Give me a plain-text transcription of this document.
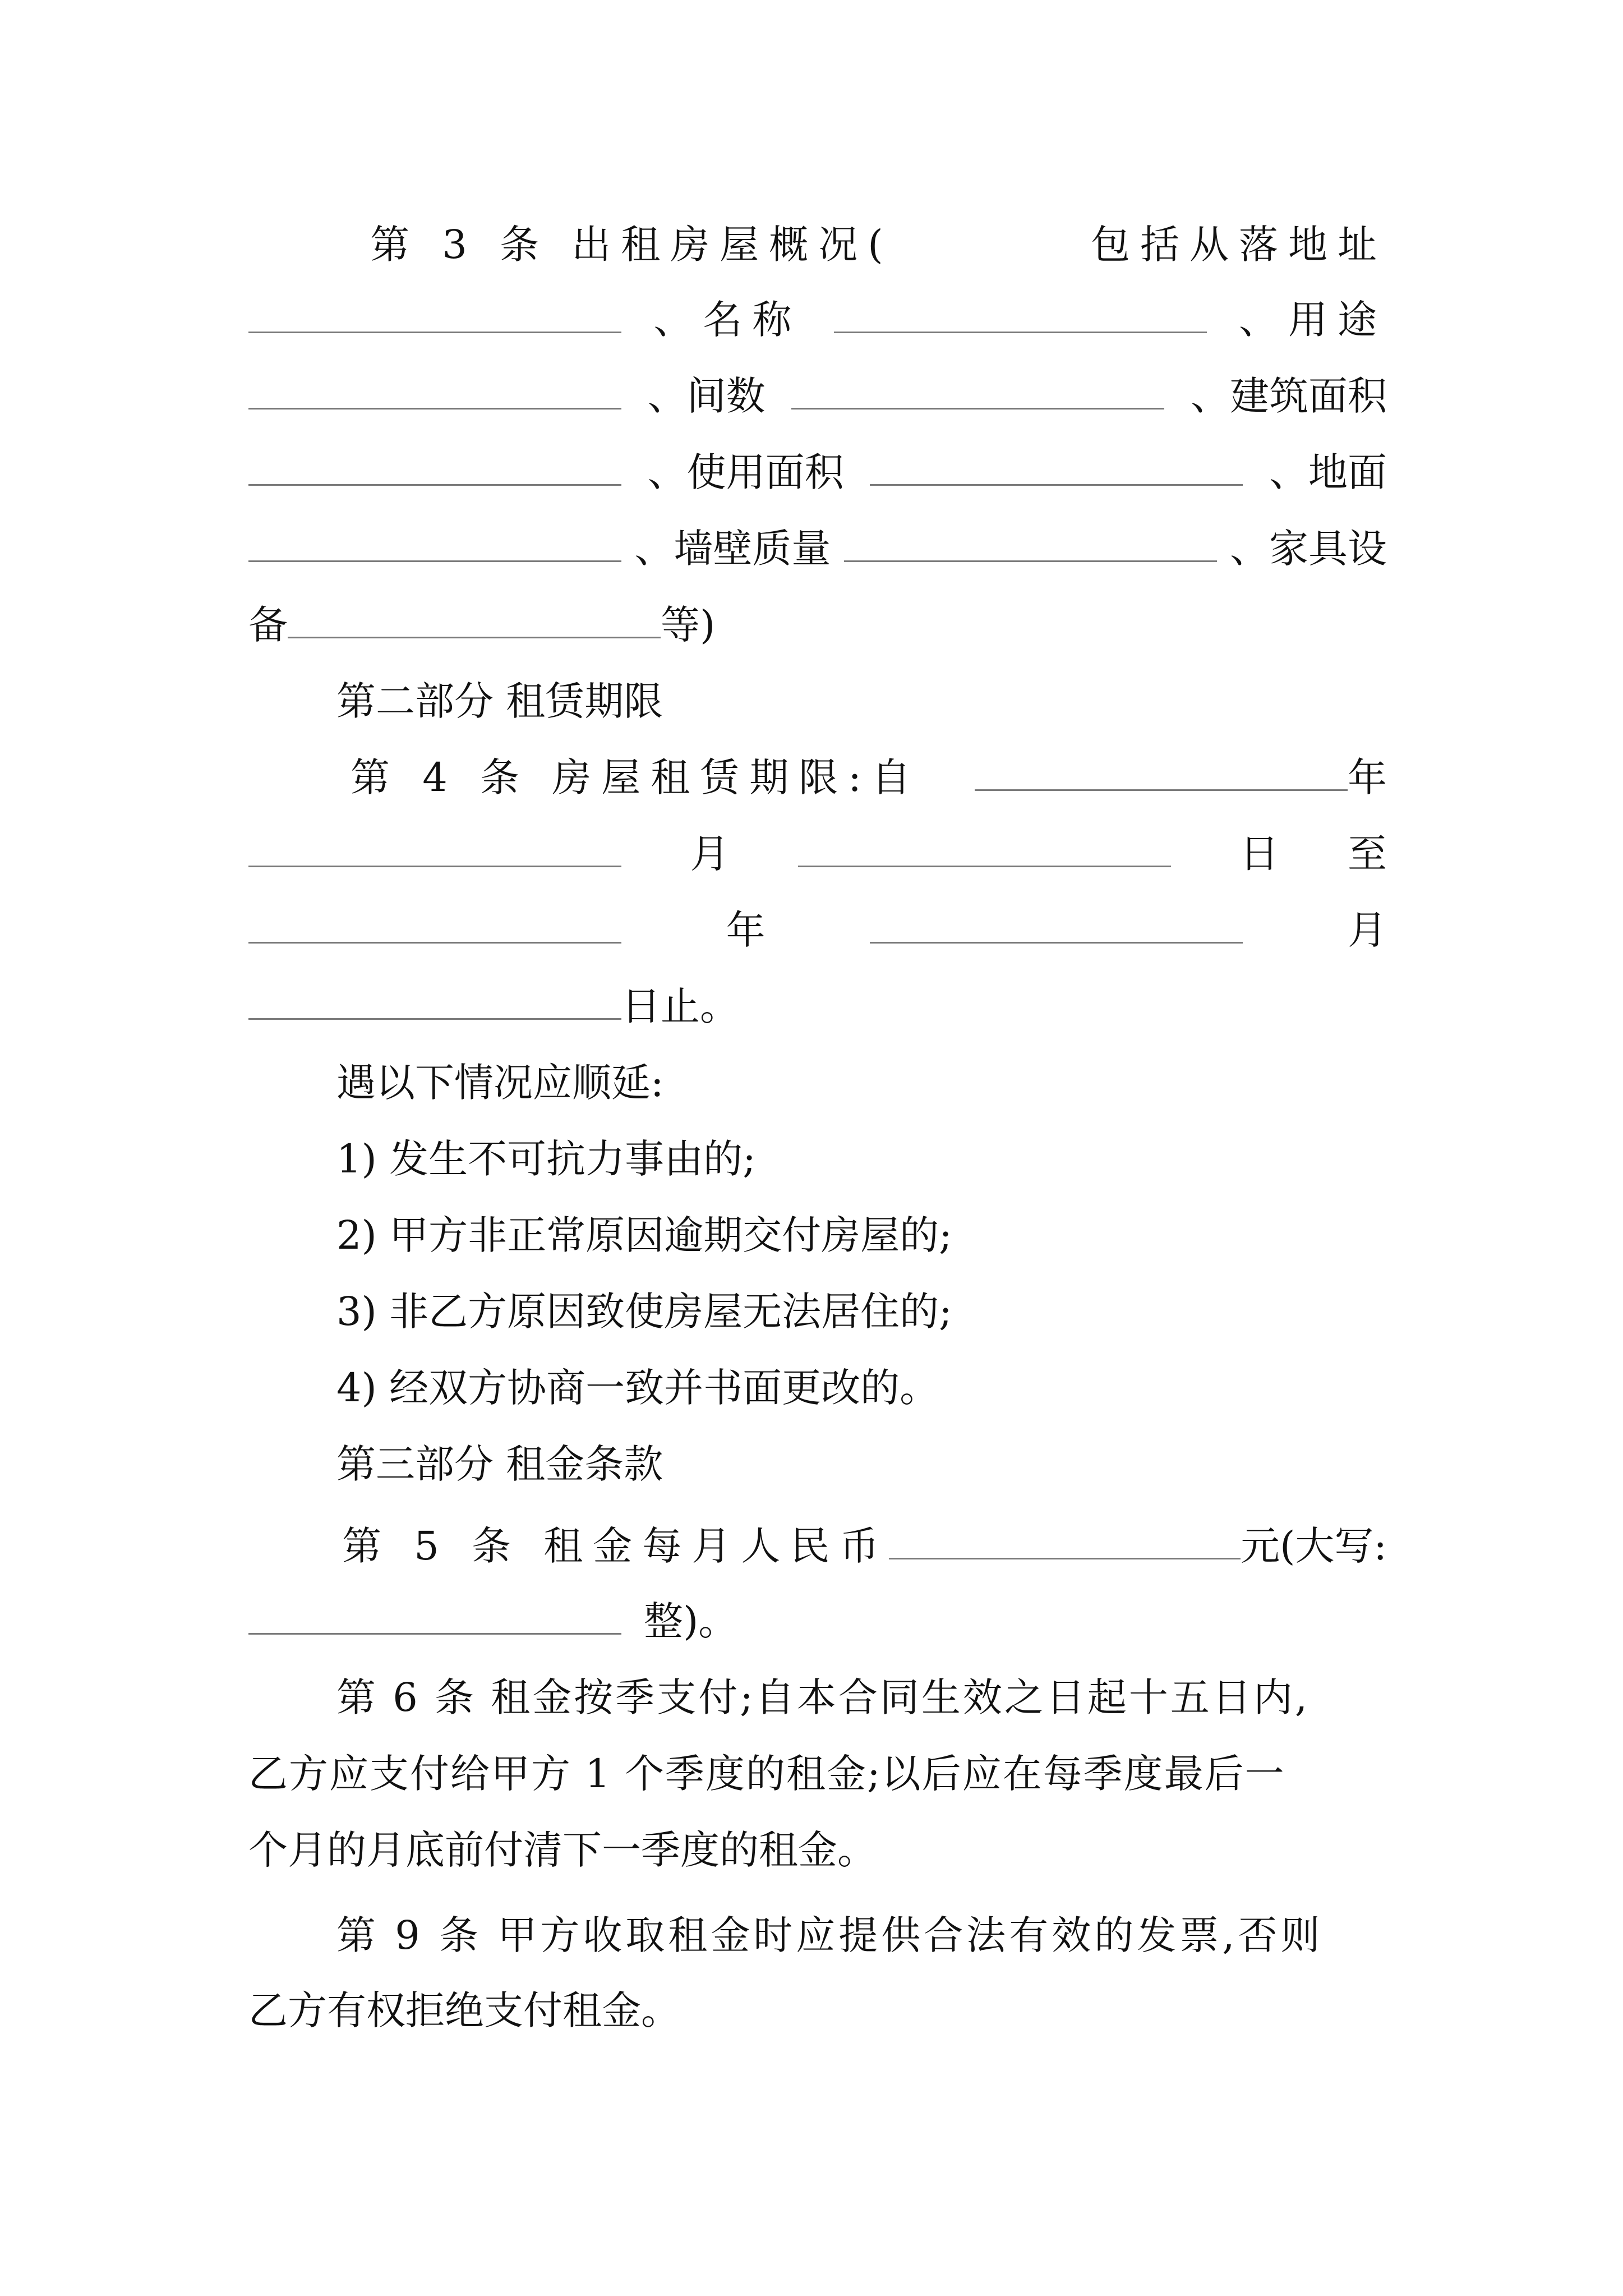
第 3 条 出租房屋概况(	包括从落地址
、名称	、用途
、间数	、建筑面积
、使用面积	、地面
、墙壁质量	、家具设
备	等)
第二部分 租赁期限
第 4 条 房屋租赁期限:自	年
月	日 至
年	月
日止。
遇以下情况应顺延:
1) 发生不可抗力事由的;
2) 甲方非正常原因逾期交付房屋的;
3) 非乙方原因致使房屋无法居住的;
4) 经双方协商一致并书面更改的。
第三部分 租金条款
第 5 条 租金每月人民币	元(大写:
整)。
第 6 条 租金按季支付;自本合同生效之日起十五日内,
乙方应支付给甲方 1 个季度的租金;以后应在每季度最后一
个月的月底前付清下一季度的租金。
第 9 条 甲方收取租金时应提供合法有效的发票,否则
乙方有权拒绝支付租金。
